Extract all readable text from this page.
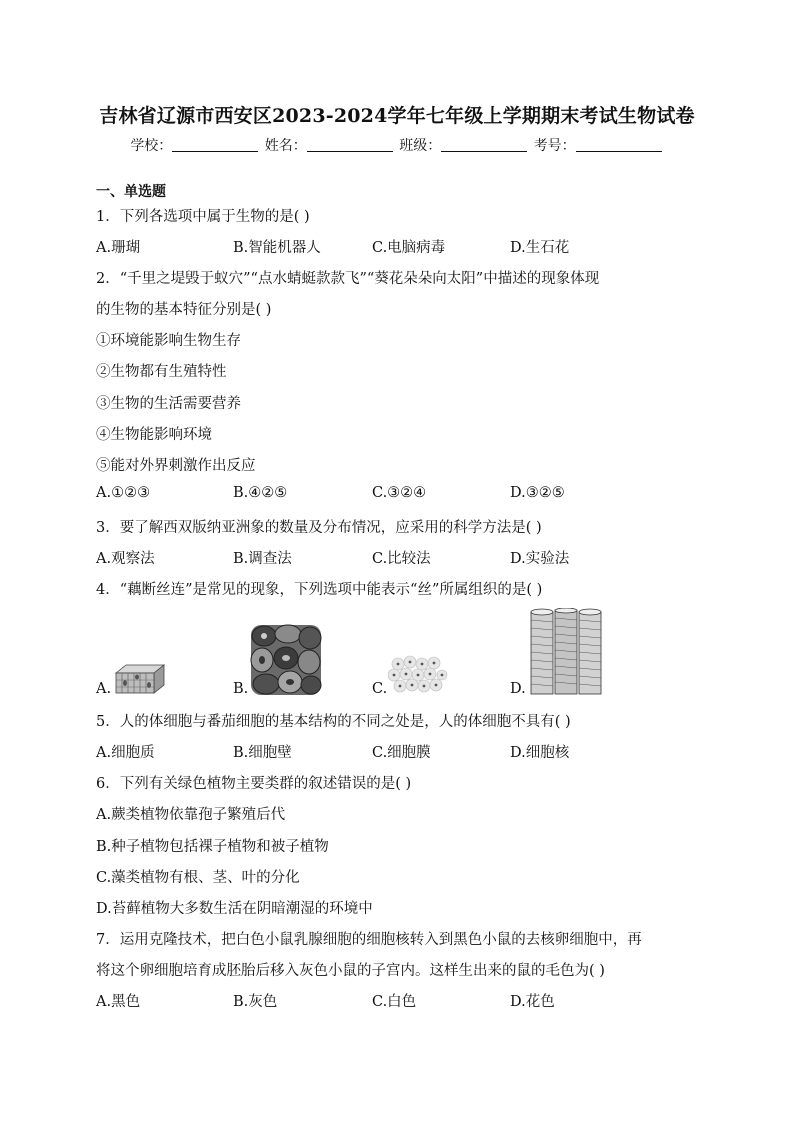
吉林省辽源市西安区2023-2024学年七年级上学期期末考试生物试卷
学校：	姓名：	班级：	考号：
一、单选题
1．下列各选项中属于生物的是( )
A.珊瑚	B.智能机器人	C.电脑病毒	D.生石花
2．“千里之堤毁于蚁穴”“点水蜻蜓款款飞”“葵花朵朵向太阳”中描述的现象体现
的生物的基本特征分别是( )
①环境能影响生物生存
②生物都有生殖特性
③生物的生活需要营养
④生物能影响环境
⑤能对外界刺激作出反应
A.①②③	B.④②⑤	C.③②④	D.③②⑤
3．要了解西双版纳亚洲象的数量及分布情况，应采用的科学方法是( )
A.观察法	B.调查法	C.比较法	D.实验法
4．“藕断丝连”是常见的现象，下列选项中能表示“丝”所属组织的是( )
A.	B.	C.	D.
5．人的体细胞与番茄细胞的基本结构的不同之处是，人的体细胞不具有( )
A.细胞质	B.细胞壁	C.细胞膜	D.细胞核
6．下列有关绿色植物主要类群的叙述错误的是( )
A.蕨类植物依靠孢子繁殖后代
B.种子植物包括裸子植物和被子植物
C.藻类植物有根、茎、叶的分化
D.苔藓植物大多数生活在阴暗潮湿的环境中
7．运用克隆技术，把白色小鼠乳腺细胞的细胞核转入到黑色小鼠的去核卵细胞中，再
将这个卵细胞培育成胚胎后移入灰色小鼠的子宫内。这样生出来的鼠的毛色为( )
A.黑色	B.灰色	C.白色	D.花色
